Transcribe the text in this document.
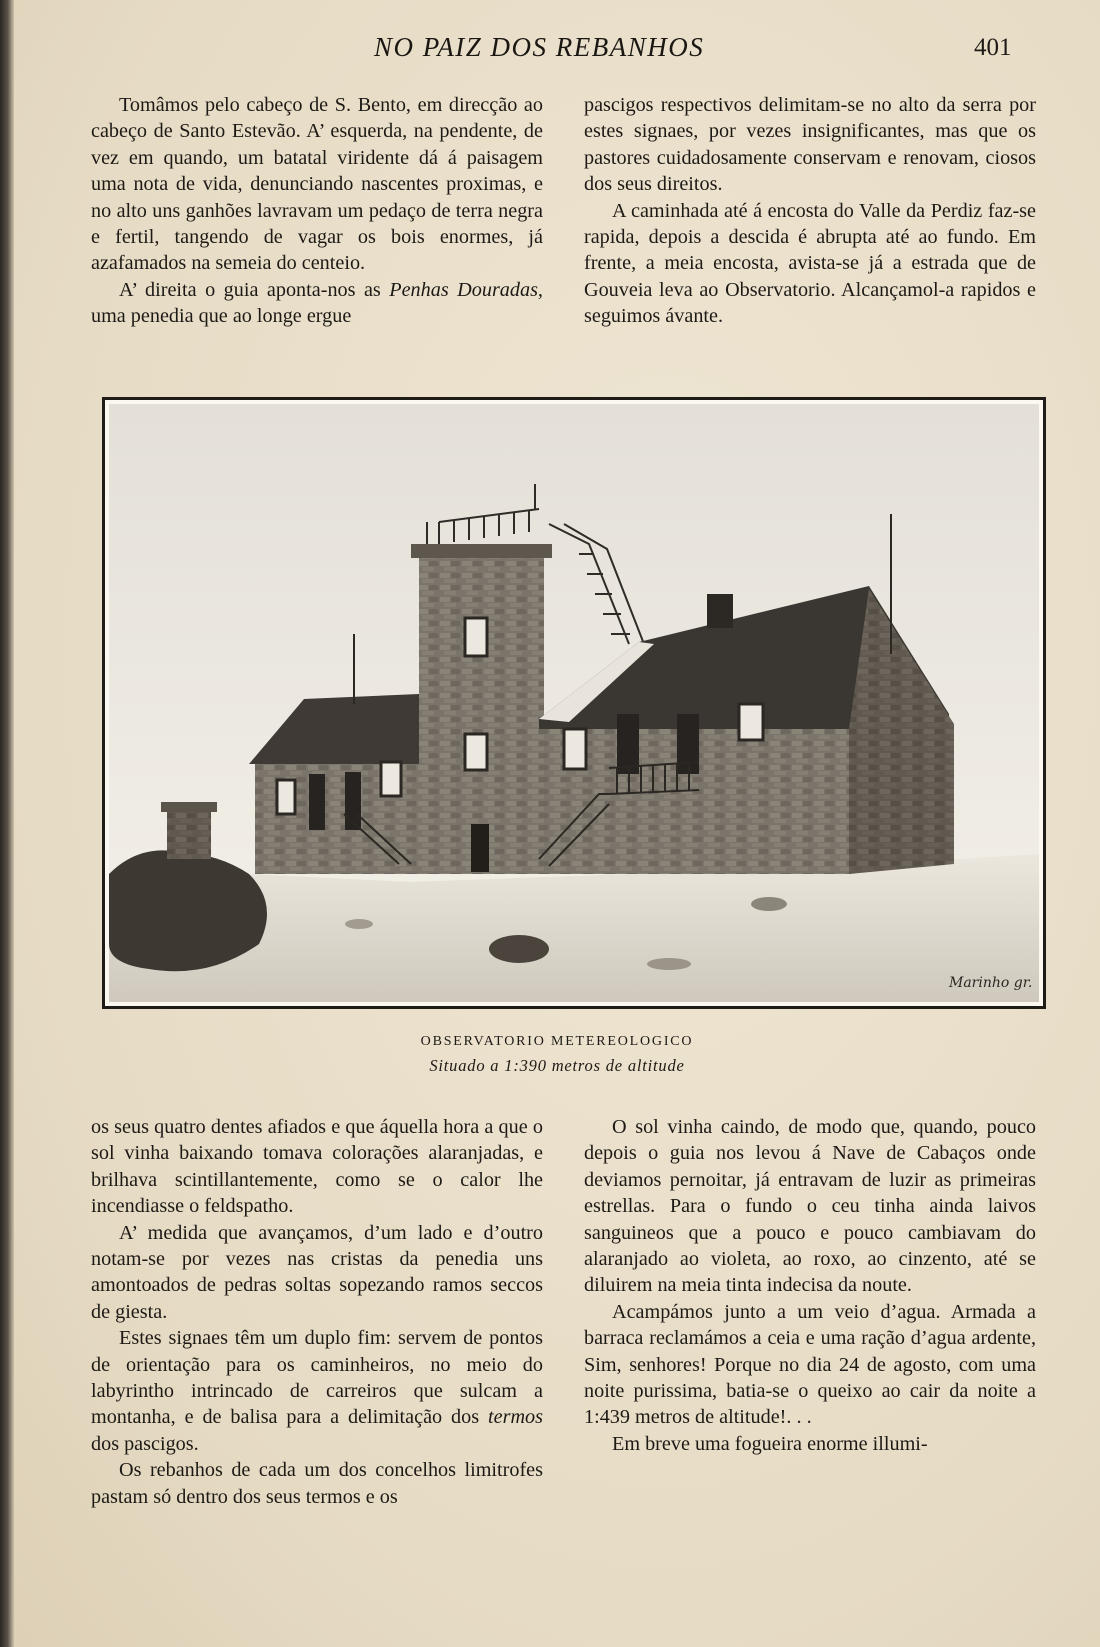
NO PAIZ DOS REBANHOS	401

Tomâmos pelo cabeço de S. Bento, em direcção ao cabeço de Santo Estevão. A’ esquerda, na pendente, de vez em quando, um batatal viridente dá á paisagem uma nota de vida, denunciando nascentes proximas, e no alto uns ganhões lavravam um pedaço de terra negra e fertil, tangendo de vagar os bois enormes, já azafamados na semeia do centeio.

A’ direita o guia aponta-nos as Penhas Douradas, uma penedia que ao longe ergue

pascigos respectivos delimitam-se no alto da serra por estes signaes, por vezes insignificantes, mas que os pastores cuidadosamente conservam e renovam, ciosos dos seus direitos.

A caminhada até á encosta do Valle da Perdiz faz-se rapida, depois a descida é abrupta até ao fundo. Em frente, a meia encosta, avista-se já a estrada que de Gouveia leva ao Observatorio. Alcançamol-a rapidos e seguimos ávante.

Marinho gr.
OBSERVATORIO METEREOLOGICO
Situado a 1:390 metros de altitude

os seus quatro dentes afiados e que áquella hora a que o sol vinha baixando tomava colorações alaranjadas, e brilhava scintillantemente, como se o calor lhe incendiasse o feldspatho.

A’ medida que avançamos, d’um lado e d’outro notam-se por vezes nas cristas da penedia uns amontoados de pedras soltas sopezando ramos seccos de giesta.

Estes signaes têm um duplo fim: servem de pontos de orientação para os caminheiros, no meio do labyrintho intrincado de carreiros que sulcam a montanha, e de balisa para a delimitação dos termos dos pascigos.

Os rebanhos de cada um dos concelhos limitrofes pastam só dentro dos seus termos e os

O sol vinha caindo, de modo que, quando, pouco depois o guia nos levou á Nave de Cabaços onde deviamos pernoitar, já entravam de luzir as primeiras estrellas. Para o fundo o ceu tinha ainda laivos sanguineos que a pouco e pouco cambiavam do alaranjado ao violeta, ao roxo, ao cinzento, até se diluirem na meia tinta indecisa da noute.

Acampámos junto a um veio d’agua. Armada a barraca reclamámos a ceia e uma ração d’agua ardente, Sim, senhores! Porque no dia 24 de agosto, com uma noite purissima, batia-se o queixo ao cair da noite a 1:439 metros de altitude!. . .

Em breve uma fogueira enorme illumi-
